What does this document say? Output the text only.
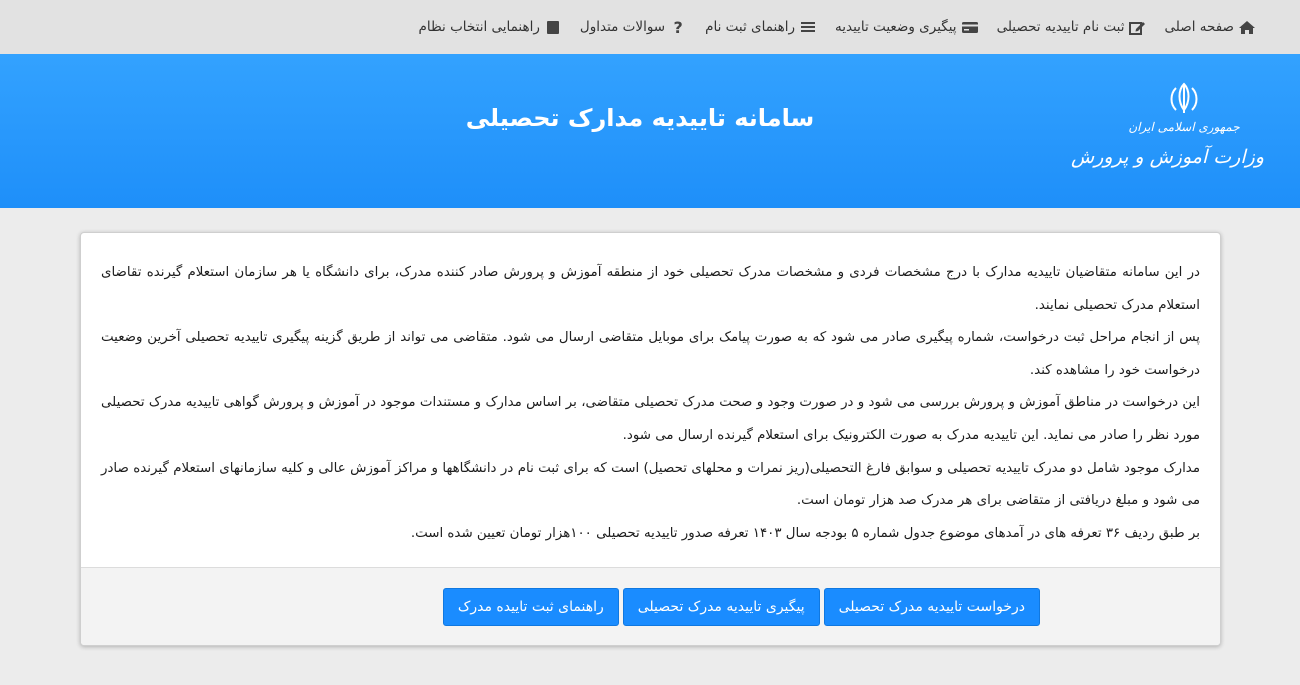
صفحه اصلی
ثبت نام تاییدیه تحصیلی
پیگیری وضعیت تاییدیه
راهنمای ثبت نام
?
سوالات متداول
راهنمایی انتخاب نظام
سامانه تاییدیه مدارک تحصیلی	جمهوری اسلامی ایران
وزارت آموزش و پرورش

در این سامانه متقاضیان تاییدیه مدارک با درج مشخصات فردی و مشخصات مدرک تحصیلی خود از منطقه آموزش و پرورش صادر کننده مدرک، برای دانشگاه یا هر سازمان استعلام گیرنده تقاضای استعلام مدرک تحصیلی نمایند.

پس از انجام مراحل ثبت درخواست، شماره پیگیری صادر می شود که به صورت پیامک برای موبایل متقاضی ارسال می شود. متقاضی می تواند از طریق گزینه پیگیری تاییدیه تحصیلی آخرین وضعیت درخواست خود را مشاهده کند.

این درخواست در مناطق آموزش و پرورش بررسی می شود و در صورت وجود و صحت مدرک تحصیلی متقاضی، بر اساس مدارک و مستندات موجود در آموزش و پرورش گواهی تاییدیه مدرک تحصیلی مورد نظر را صادر می نماید. این تاییدیه مدرک به صورت الکترونیک برای استعلام گیرنده ارسال می شود.

مدارک موجود شامل دو مدرک تاییدیه تحصیلی و سوابق فارغ التحصیلی(ریز نمرات و محلهای تحصیل) است که برای ثبت نام در دانشگاهها و مراکز آموزش عالی و کلیه سازمانهای استعلام گیرنده صادر می شود و مبلغ دریافتی از متقاضی برای هر مدرک صد هزار تومان است.

بر طبق ردیف ۳۶ تعرفه های در آمدهای موضوع جدول شماره ۵ بودجه سال ۱۴۰۳ تعرفه صدور تاییدیه تحصیلی ۱۰۰هزار تومان تعیین شده است.

درخواست تاییدیه مدرک تحصیلی
پیگیری تاییدیه مدرک تحصیلی
راهنمای ثبت تاییده مدرک
